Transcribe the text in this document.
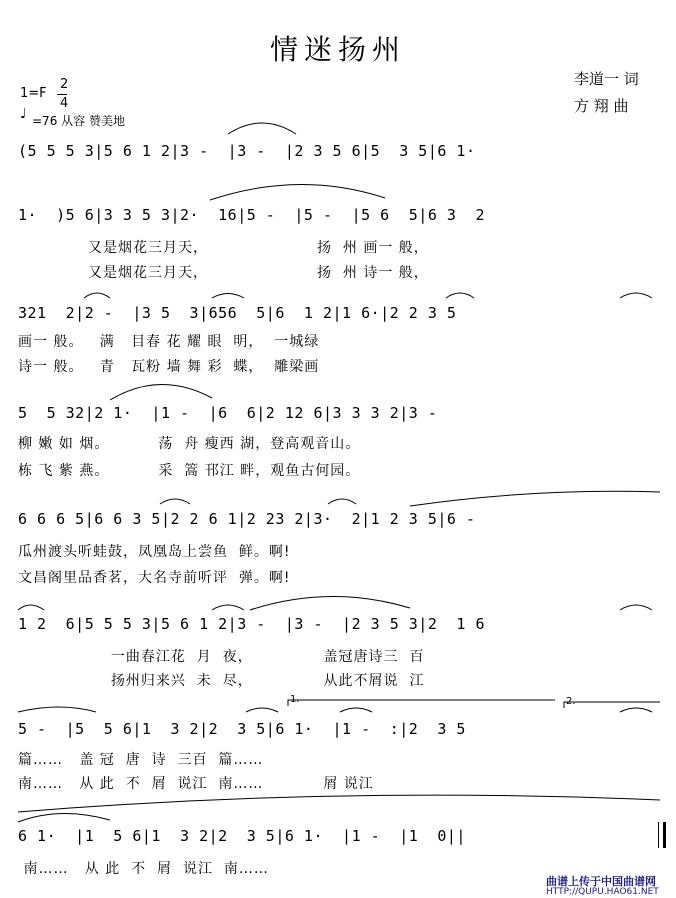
情迷扬州
1=F
2
4
♩ =76 从容 赞美地
李道一 词
方 翔 曲
(5 5 5 3|5 6 1 2|3 -  |3 -  |2 3 5 6|5  3 5|6 1·
1·  )5 6|3 3 5 3|2·  16|5 -  |5 -  |5 6  5|6 3  2
又是烟花三月天，                    扬  州 画一 般，
又是烟花三月天，                    扬  州 诗一 般，
321  2|2 -  |3 5  3|656  5|6  1 2|1 6·|2 2 3 5
画一 般。   满   目春 花 耀 眼  明，  一城绿
诗一 般。   青   瓦粉 墙 舞 彩  蝶，  雕梁画
5  5 32|2 1·  |1 -  |6  6|2 12 6|3 3 3 2|3 -
柳 嫩 如 烟。         荡  舟 瘦西 湖，登高观音山。
栋 飞 紫 燕。         采  篙 邗江 畔，观鱼古何园。
6 6 6 5|6 6 3 5|2 2 6 1|2 23 2|3·  2|1 2 3 5|6 -
瓜州渡头听蛙鼓，凤凰岛上尝鱼  鲜。啊!
文昌阁里品香茗，大名寺前听评  弹。啊!
1 2  6|5 5 5 3|5 6 1 2|3 -  |3 -  |2 3 5 3|2  1 6
一曲春江花  月  夜，             盖冠唐诗三  百
扬州归来兴  未  尽，             从此不屑说  江
1.	2.
5 -  |5  5 6|1  3 2|2  3 5|6 1·  |1 -  :|2  3 5
篇……   盖 冠  唐  诗  三百  篇……
南……   从 此  不  屑  说江  南……           屑 说江
6 1·  |1  5 6|1  3 2|2  3 5|6 1·  |1 -  |1  0||
南……   从 此  不  屑  说江  南……
曲谱上传于中国曲谱网
HTTP://QUPU.HAO61.NET
